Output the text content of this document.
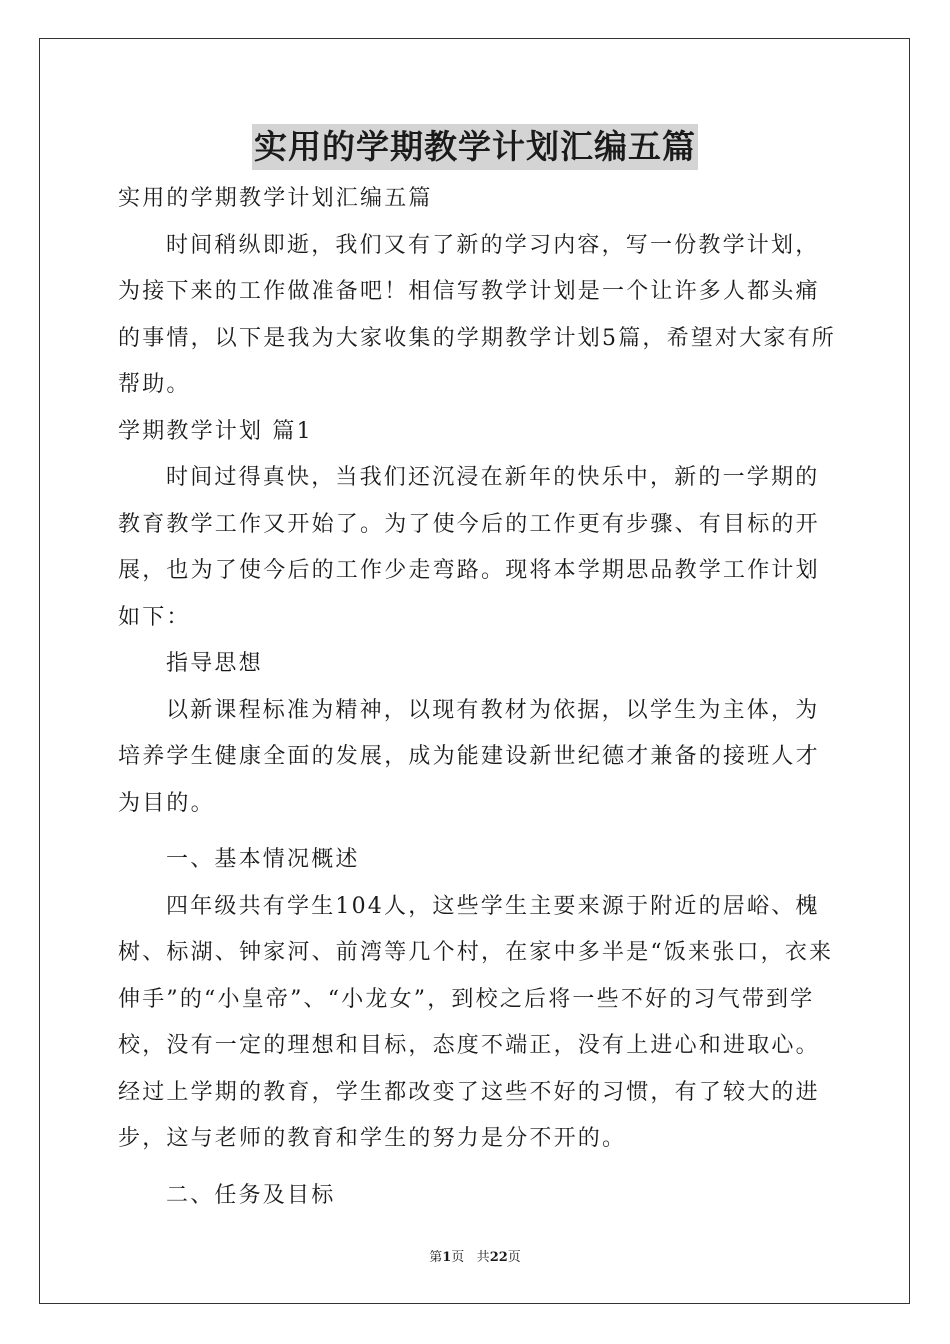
实用的学期教学计划汇编五篇

实用的学期教学计划汇编五篇

时间稍纵即逝，我们又有了新的学习内容，写一份教学计划，为接下来的工作做准备吧！相信写教学计划是一个让许多人都头痛的事情，以下是我为大家收集的学期教学计划5篇，希望对大家有所帮助。

学期教学计划 篇1

时间过得真快，当我们还沉浸在新年的快乐中，新的一学期的教育教学工作又开始了。为了使今后的工作更有步骤、有目标的开展，也为了使今后的工作少走弯路。现将本学期思品教学工作计划如下：

指导思想

以新课程标准为精神，以现有教材为依据，以学生为主体，为培养学生健康全面的发展，成为能建设新世纪德才兼备的接班人才为目的。

一、基本情况概述

四年级共有学生104人，这些学生主要来源于附近的居峪、槐树、标湖、钟家河、前湾等几个村，在家中多半是“饭来张口，衣来伸手”的“小皇帝”、“小龙女”，到校之后将一些不好的习气带到学校，没有一定的理想和目标，态度不端正，没有上进心和进取心。经过上学期的教育，学生都改变了这些不好的习惯，有了较大的进步，这与老师的教育和学生的努力是分不开的。

二、任务及目标

第1页 共22页
